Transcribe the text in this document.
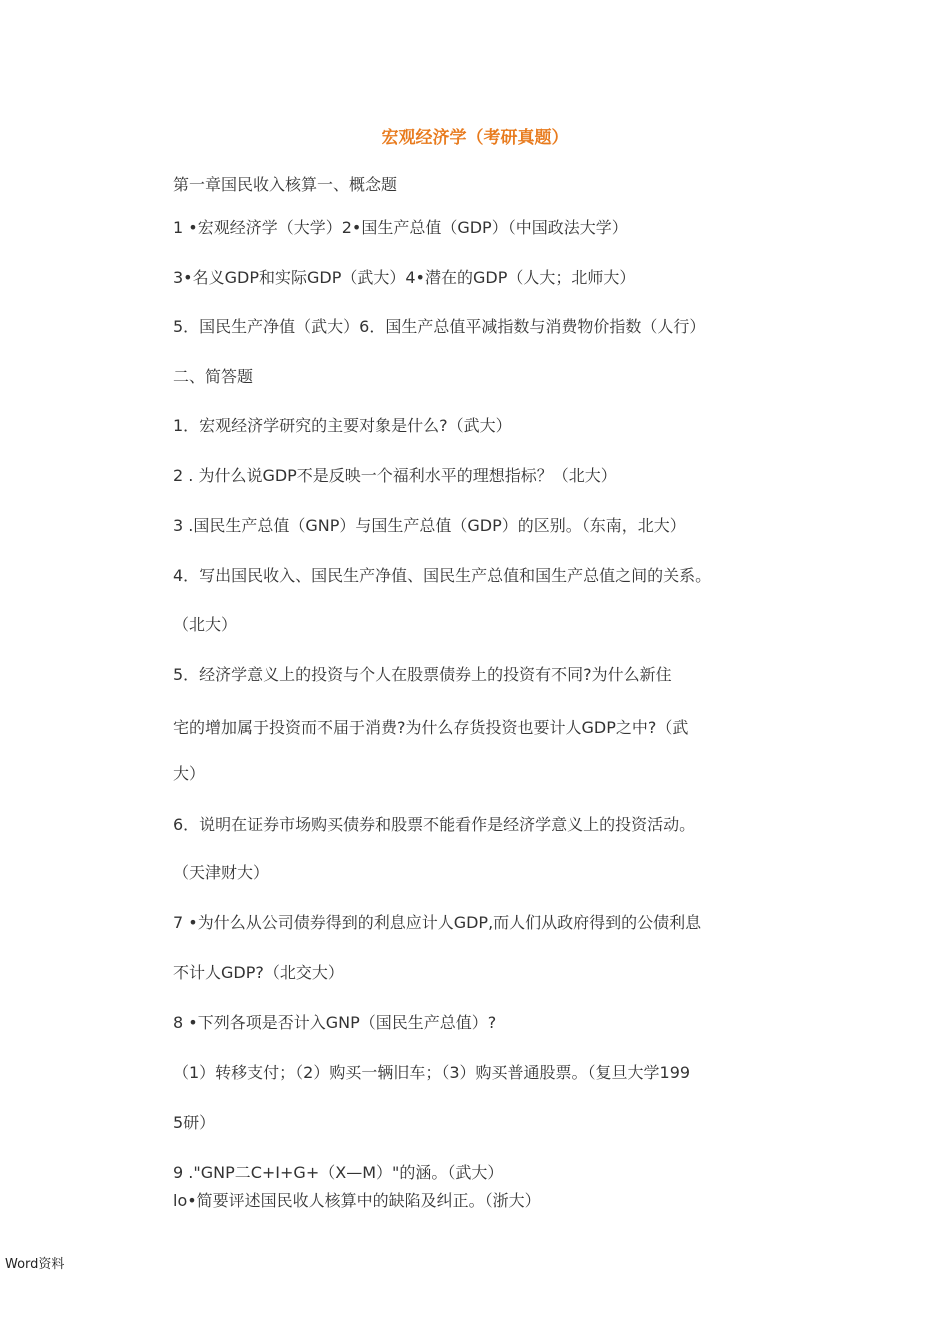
宏观经济学（考研真题）
第一章国民收入核算一、概念题
1 •宏观经济学（大学）2•国生产总值（GDP）（中国政法大学）
3•名义GDP和实际GDP（武大）4•潜在的GDP（人大；北师大）
5．国民生产净值（武大）6．国生产总值平减指数与消费物价指数（人行）
二、简答题
1．宏观经济学研究的主要对象是什么?（武大）
2 . 为什么说GDP不是反映一个福利水平的理想指标？（北大）
3 .国民生产总值（GNP）与国生产总值（GDP）的区别。（东南，北大）
4．写出国民收入、国民生产净值、国民生产总值和国生产总值之间的关系。
（北大）
5．经济学意义上的投资与个人在股票债券上的投资有不同?为什么新住
宅的增加属于投资而不届于消费?为什么存货投资也要计人GDP之中?（武
大）
6．说明在证券市场购买债券和股票不能看作是经济学意义上的投资活动。
（天津财大）
7 •为什么从公司债券得到的利息应计人GDP,而人们从政府得到的公债利息
不计人GDP?（北交大）
8 •下列各项是否计入GNP（国民生产总值）?
（1）转移支付；（2）购买一辆旧车；（3）购买普通股票。（复旦大学199
5研）
9 ."GNP二C+I+G+（X—M）"的涵。（武大）
lo•简要评述国民收人核算中的缺陷及纠正。（浙大）
Word资料
